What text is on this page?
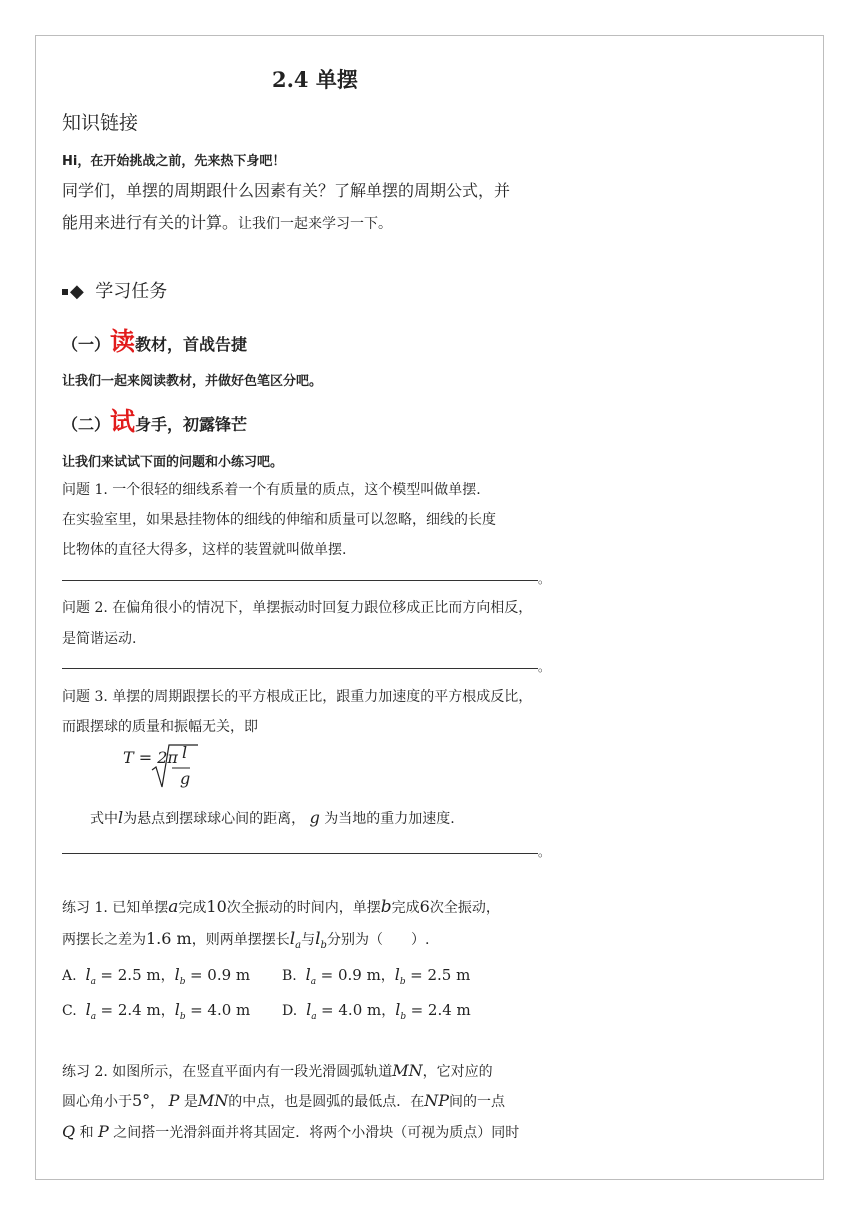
2.4 单摆
知识链接
Hi，在开始挑战之前，先来热下身吧！
同学们，单摆的周期跟什么因素有关？了解单摆的周期公式，并
能用来进行有关的计算。让我们一起来学习一下。
◆ 学习任务
（一）读教材，首战告捷
让我们一起来阅读教材，并做好色笔区分吧。
（二）试身手，初露锋芒
让我们来试试下面的问题和小练习吧。
问题 1. 一个很轻的细线系着一个有质量的质点，这个模型叫做单摆.
在实验室里，如果悬挂物体的细线的伸缩和质量可以忽略，细线的长度
比物体的直径大得多，这样的装置就叫做单摆.
。
问题 2. 在偏角很小的情况下，单摆振动时回复力跟位移成正比而方向相反，
是简谐运动.
。
问题 3. 单摆的周期跟摆长的平方根成正比，跟重力加速度的平方根成反比，
而跟摆球的质量和振幅无关，即
T = 2π l
g
式中l为悬点到摆球球心间的距离， g 为当地的重力加速度.
。
练习 1. 已知单摆a完成10次全振动的时间内，单摆b完成6次全振动，
两摆长之差为1.6 m，则两单摆摆长$l_a$与$l_b$分别为（　　）.
A. $l_a = 2.5$ m，$l_b = 0.9$ m B. $l_a = 0.9$ m，$l_b = 2.5$ m
C. $l_a = 2.4$ m，$l_b = 4.0$ m D. $l_a = 4.0$ m，$l_b = 2.4$ m
练习 2. 如图所示，在竖直平面内有一段光滑圆弧轨道MN，它对应的
圆心角小于5°， P 是MN的中点，也是圆弧的最低点．在NP间的一点
Q 和 P 之间搭一光滑斜面并将其固定．将两个小滑块（可视为质点）同时
